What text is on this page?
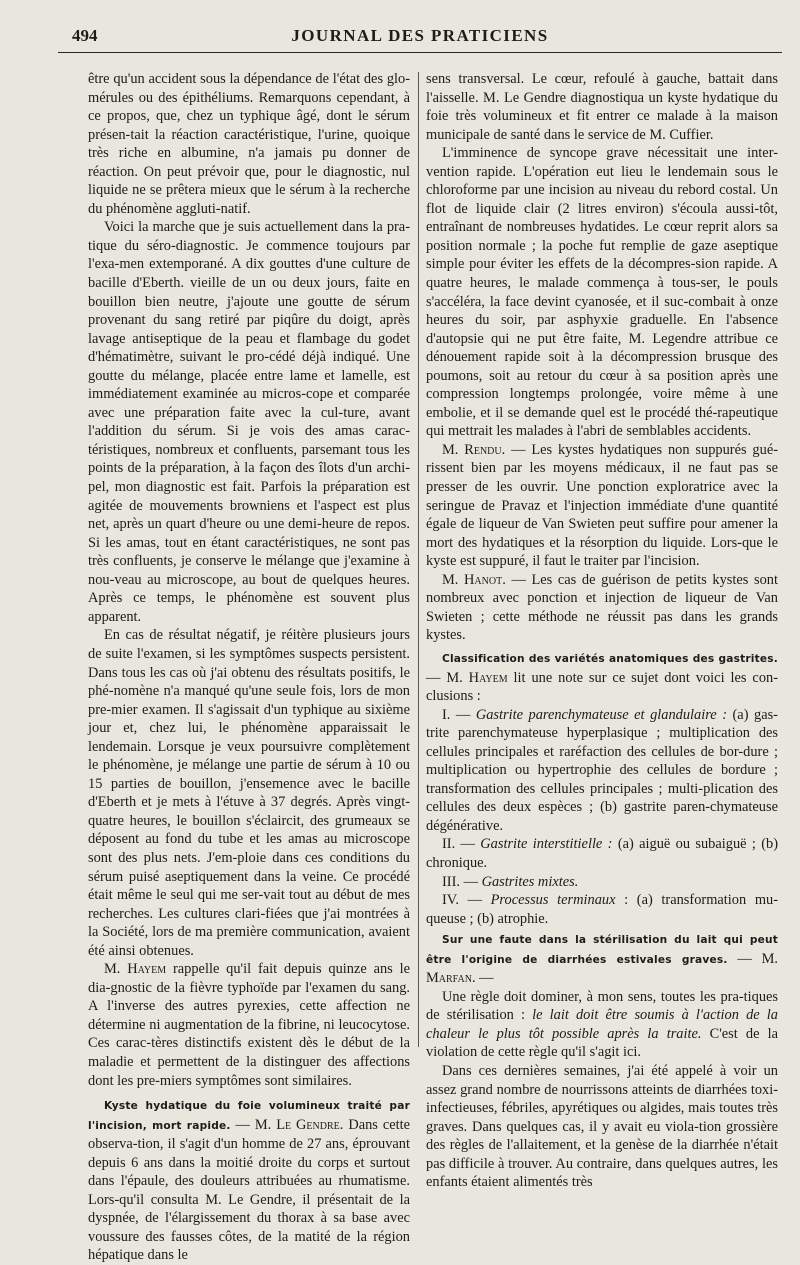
494	JOURNAL DES PRATICIENS

être qu'un accident sous la dépendance de l'état des glo-mérules ou des épithéliums. Remarquons cependant, à ce propos, que, chez un typhique âgé, dont le sérum présen-tait la réaction caractéristique, l'urine, quoique très riche en albumine, n'a jamais pu donner de réaction. On peut prévoir que, pour le diagnostic, nul liquide ne se prêtera mieux que le sérum à la recherche du phénomène aggluti-natif.

Voici la marche que je suis actuellement dans la pra-tique du séro-diagnostic. Je commence toujours par l'exa-men extemporané. A dix gouttes d'une culture de bacille d'Eberth. vieille de un ou deux jours, faite en bouillon bien neutre, j'ajoute une goutte de sérum provenant du sang retiré par piqûre du doigt, après lavage antiseptique de la peau et flambage du godet d'hématimètre, suivant le pro-cédé déjà indiqué. Une goutte du mélange, placée entre lame et lamelle, est immédiatement examinée au micros-cope et comparée avec une préparation faite avec la cul-ture, avant l'addition du sérum. Si je vois des amas carac-téristiques, nombreux et confluents, parsemant tous les points de la préparation, à la façon des îlots d'un archi-pel, mon diagnostic est fait. Parfois la préparation est agitée de mouvements browniens et l'aspect est plus net, après un quart d'heure ou une demi-heure de repos. Si les amas, tout en étant caractéristiques, ne sont pas très confluents, je conserve le mélange que j'examine à nou-veau au microscope, au bout de quelques heures. Après ce temps, le phénomène est souvent plus apparent.

En cas de résultat négatif, je réitère plusieurs jours de suite l'examen, si les symptômes suspects persistent. Dans tous les cas où j'ai obtenu des résultats positifs, le phé-nomène n'a manqué qu'une seule fois, lors de mon pre-mier examen. Il s'agissait d'un typhique au sixième jour et, chez lui, le phénomène apparaissait le lendemain. Lorsque je veux poursuivre complètement le phénomène, je mélange une partie de sérum à 10 ou 15 parties de bouillon, j'ensemence avec le bacille d'Eberth et je mets à l'étuve à 37 degrés. Après vingt-quatre heures, le bouillon s'éclaircit, des grumeaux se déposent au fond du tube et les amas au microscope sont des plus nets. J'em-ploie dans ces conditions du sérum puisé aseptiquement dans la veine. Ce procédé était même le seul qui me ser-vait tout au début de mes recherches. Les cultures clari-fiées que j'ai montrées à la Société, lors de ma première communication, avaient été ainsi obtenues.

M. Hayem rappelle qu'il fait depuis quinze ans le dia-gnostic de la fièvre typhoïde par l'examen du sang. A l'inverse des autres pyrexies, cette affection ne détermine ni augmentation de la fibrine, ni leucocytose. Ces carac-tères distinctifs existent dès le début de la maladie et permettent de la distinguer des affections dont les pre-miers symptômes sont similaires.

Kyste hydatique du foie volumineux traité par l'incision, mort rapide. — M. Le Gendre. Dans cette observa-tion, il s'agit d'un homme de 27 ans, éprouvant depuis 6 ans dans la moitié droite du corps et surtout dans l'épaule, des douleurs attribuées au rhumatisme. Lors-qu'il consulta M. Le Gendre, il présentait de la dyspnée, de l'élargissement du thorax à sa base avec voussure des fausses côtes, de la matité de la région hépatique dans le

sens transversal. Le cœur, refoulé à gauche, battait dans l'aisselle. M. Le Gendre diagnostiqua un kyste hydatique du foie très volumineux et fit entrer ce malade à la maison municipale de santé dans le service de M. Cuffier.

L'imminence de syncope grave nécessitait une inter-vention rapide. L'opération eut lieu le lendemain sous le chloroforme par une incision au niveau du rebord costal. Un flot de liquide clair (2 litres environ) s'écoula aussi-tôt, entraînant de nombreuses hydatides. Le cœur reprit alors sa position normale ; la poche fut remplie de gaze aseptique simple pour éviter les effets de la décompres-sion rapide. A quatre heures, le malade commença à tous-ser, le pouls s'accéléra, la face devint cyanosée, et il suc-combait à onze heures du soir, par asphyxie graduelle. En l'absence d'autopsie qui ne put être faite, M. Legendre attribue ce dénouement rapide soit à la décompression brusque des poumons, soit au retour du cœur à sa position après une compression longtemps prolongée, voire même à une embolie, et il se demande quel est le procédé thé-rapeutique qui mettrait les malades à l'abri de semblables accidents.

M. Rendu. — Les kystes hydatiques non suppurés gué-rissent bien par les moyens médicaux, il ne faut pas se presser de les ouvrir. Une ponction exploratrice avec la seringue de Pravaz et l'injection immédiate d'une quantité égale de liqueur de Van Swieten peut suffire pour amener la mort des hydatiques et la résorption du liquide. Lors-que le kyste est suppuré, il faut le traiter par l'incision.

M. Hanot. — Les cas de guérison de petits kystes sont nombreux avec ponction et injection de liqueur de Van Swieten ; cette méthode ne réussit pas dans les grands kystes.

Classification des variétés anatomiques des gastrites. — M. Hayem lit une note sur ce sujet dont voici les con-clusions :

I. — Gastrite parenchymateuse et glandulaire : (a) gas-trite parenchymateuse hyperplasique ; multiplication des cellules principales et raréfaction des cellules de bor-dure ; multiplication ou hypertrophie des cellules de bordure ; transformation des cellules principales ; multi-plication des cellules des deux espèces ; (b) gastrite paren-chymateuse dégénérative.

II. — Gastrite interstitielle : (a) aiguë ou subaiguë ; (b) chronique.

III. — Gastrites mixtes.

IV. — Processus terminaux : (a) transformation mu-queuse ; (b) atrophie.

Sur une faute dans la stérilisation du lait qui peut être l'origine de diarrhées estivales graves. — M. Marfan. —

Une règle doit dominer, à mon sens, toutes les pra-tiques de stérilisation : le lait doit être soumis à l'action de la chaleur le plus tôt possible après la traite. C'est de la violation de cette règle qu'il s'agit ici.

Dans ces dernières semaines, j'ai été appelé à voir un assez grand nombre de nourrissons atteints de diarrhées toxi-infectieuses, fébriles, apyrétiques ou algides, mais toutes très graves. Dans quelques cas, il y avait eu viola-tion grossière des règles de l'allaitement, et la genèse de la diarrhée n'était pas difficile à trouver. Au contraire, dans quelques autres, les enfants étaient alimentés très
